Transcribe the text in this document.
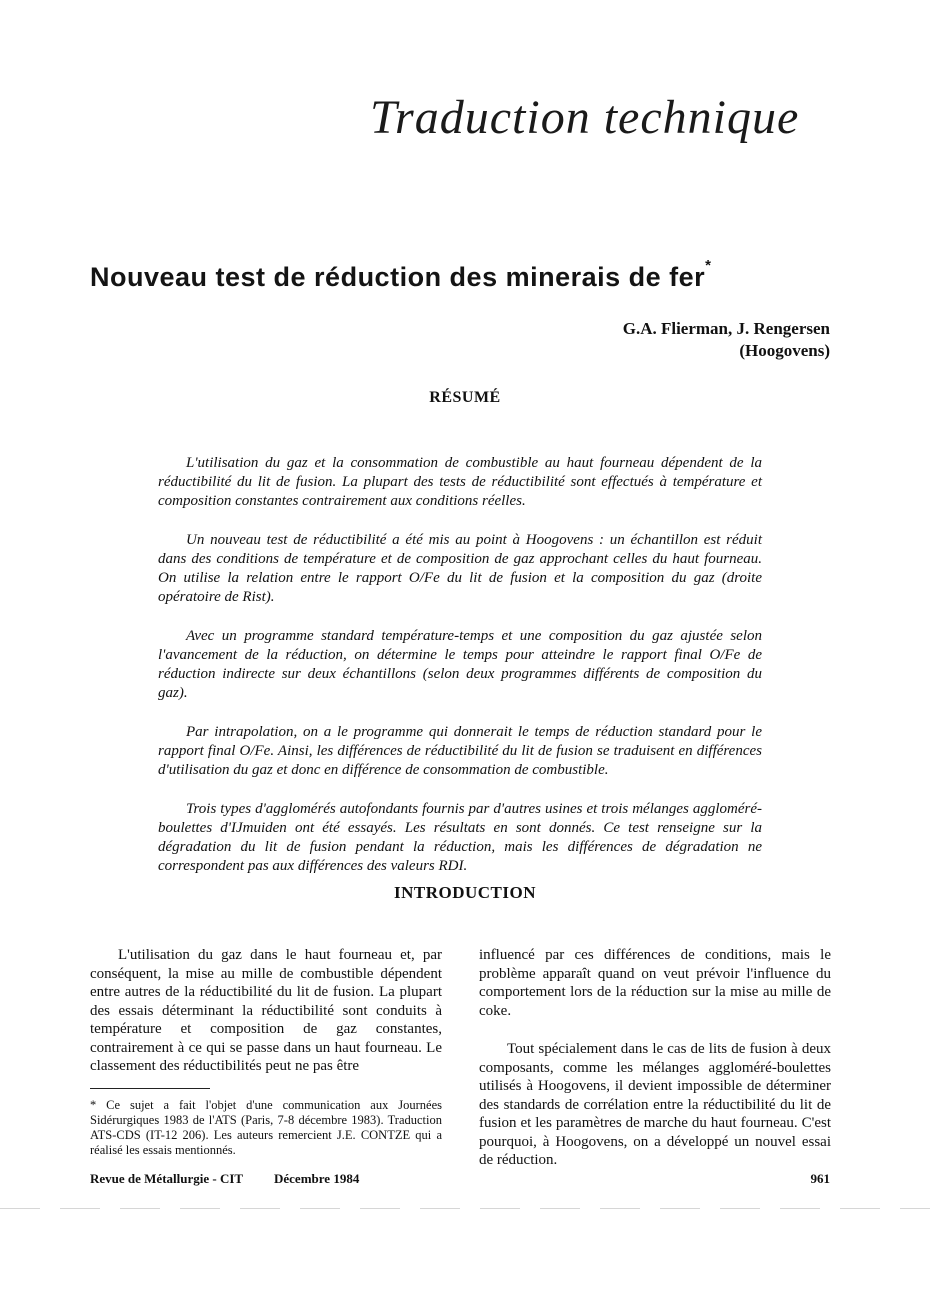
Traduction technique
Nouveau test de réduction des minerais de fer*
G.A. Flierman, J. Rengersen
(Hoogovens)
RÉSUMÉ

L'utilisation du gaz et la consommation de combustible au haut fourneau dépendent de la réductibilité du lit de fusion. La plupart des tests de réductibilité sont effectués à température et composition constantes contrairement aux conditions réelles.

Un nouveau test de réductibilité a été mis au point à Hoogovens : un échantillon est réduit dans des conditions de température et de composition de gaz approchant celles du haut fourneau. On utilise la relation entre le rapport O/Fe du lit de fusion et la composition du gaz (droite opératoire de Rist).

Avec un programme standard température-temps et une composition du gaz ajustée selon l'avancement de la réduction, on détermine le temps pour atteindre le rapport final O/Fe de réduction indirecte sur deux échantillons (selon deux programmes différents de composition du gaz).

Par intrapolation, on a le programme qui donnerait le temps de réduction standard pour le rapport final O/Fe. Ainsi, les différences de réductibilité du lit de fusion se traduisent en différences d'utilisation du gaz et donc en différence de consommation de combustible.

Trois types d'agglomérés autofondants fournis par d'autres usines et trois mélanges aggloméré-boulettes d'IJmuiden ont été essayés. Les résultats en sont donnés. Ce test renseigne sur la dégradation du lit de fusion pendant la réduction, mais les différences de dégradation ne correspondent pas aux différences des valeurs RDI.

INTRODUCTION

L'utilisation du gaz dans le haut fourneau et, par conséquent, la mise au mille de combustible dépendent entre autres de la réductibilité du lit de fusion. La plupart des essais déterminant la réductibilité sont conduits à température et composition de gaz constantes, contrairement à ce qui se passe dans un haut fourneau. Le classement des réductibilités peut ne pas être

influencé par ces différences de conditions, mais le problème apparaît quand on veut prévoir l'influence du comportement lors de la réduction sur la mise au mille de coke.

Tout spécialement dans le cas de lits de fusion à deux composants, comme les mélanges aggloméré-boulettes utilisés à Hoogovens, il devient impossible de déterminer des standards de corrélation entre la réductibilité du lit de fusion et les paramètres de marche du haut fourneau. C'est pourquoi, à Hoogovens, on a développé un nouvel essai de réduction.

* Ce sujet a fait l'objet d'une communication aux Journées Sidérurgiques 1983 de l'ATS (Paris, 7-8 décembre 1983). Traduction ATS-CDS (IT-12 206). Les auteurs remercient J.E. CONTZE qui a réalisé les essais mentionnés.
Revue de Métallurgie - CIT Décembre 1984	961
